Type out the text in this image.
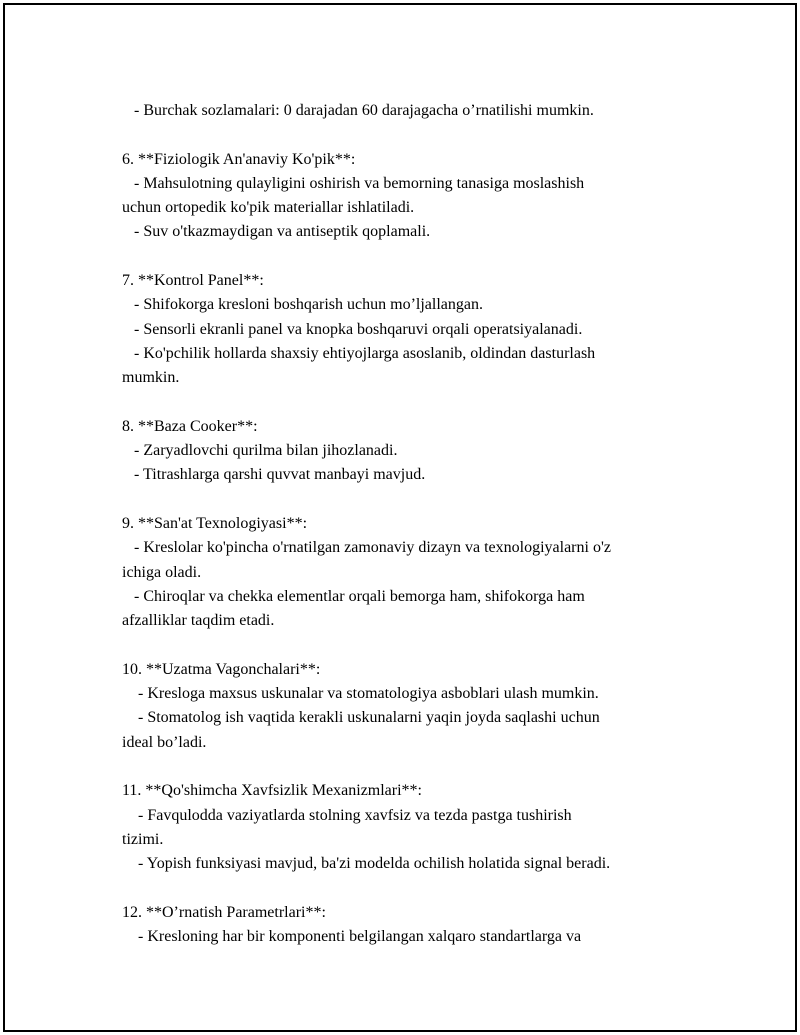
- Burchak sozlamalari: 0 darajadan 60 darajagacha o’rnatilishi mumkin.
6. **Fiziologik An'anaviy Ko'pik**:
- Mahsulotning qulayligini oshirish va bemorning tanasiga moslashish
uchun ortopedik ko'pik materiallar ishlatiladi.
- Suv o'tkazmaydigan va antiseptik qoplamali.
7. **Kontrol Panel**:
- Shifokorga kresloni boshqarish uchun mo’ljallangan.
- Sensorli ekranli panel va knopka boshqaruvi orqali operatsiyalanadi.
- Ko'pchilik hollarda shaxsiy ehtiyojlarga asoslanib, oldindan dasturlash
mumkin.
8. **Baza Cooker**:
- Zaryadlovchi qurilma bilan jihozlanadi.
- Titrashlarga qarshi quvvat manbayi mavjud.
9. **San'at Texnologiyasi**:
- Kreslolar ko'pincha o'rnatilgan zamonaviy dizayn va texnologiyalarni o'z
ichiga oladi.
- Chiroqlar va chekka elementlar orqali bemorga ham, shifokorga ham
afzalliklar taqdim etadi.
10. **Uzatma Vagonchalari**:
- Kresloga maxsus uskunalar va stomatologiya asboblari ulash mumkin.
- Stomatolog ish vaqtida kerakli uskunalarni yaqin joyda saqlashi uchun
ideal bo’ladi.
11. **Qo'shimcha Xavfsizlik Mexanizmlari**:
- Favqulodda vaziyatlarda stolning xavfsiz va tezda pastga tushirish
tizimi.
- Yopish funksiyasi mavjud, ba'zi modelda ochilish holatida signal beradi.
12. **O’rnatish Parametrlari**:
- Kresloning har bir komponenti belgilangan xalqaro standartlarga va
